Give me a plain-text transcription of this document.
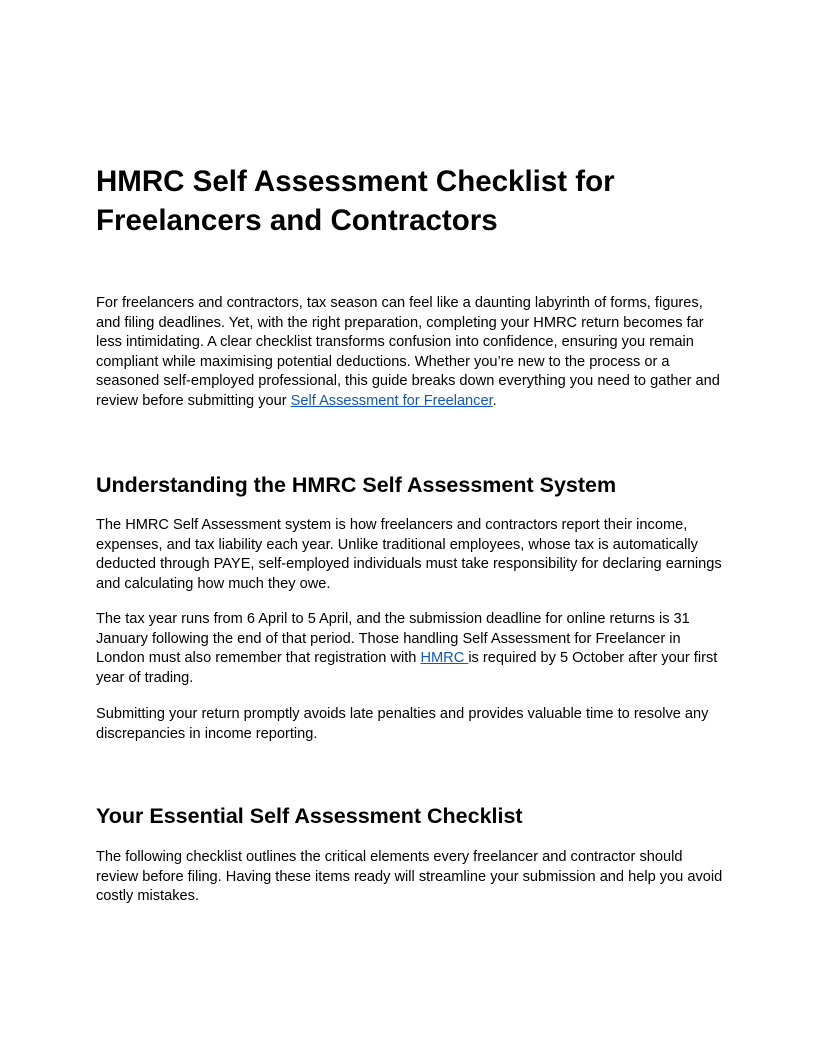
HMRC Self Assessment Checklist for Freelancers and Contractors

For freelancers and contractors, tax season can feel like a daunting labyrinth of forms, figures, and filing deadlines. Yet, with the right preparation, completing your HMRC return becomes far less intimidating. A clear checklist transforms confusion into confidence, ensuring you remain compliant while maximising potential deductions. Whether you’re new to the process or a seasoned self-employed professional, this guide breaks down everything you need to gather and review before submitting your Self Assessment for Freelancer.

Understanding the HMRC Self Assessment System

The HMRC Self Assessment system is how freelancers and contractors report their income, expenses, and tax liability each year. Unlike traditional employees, whose tax is automatically deducted through PAYE, self-employed individuals must take responsibility for declaring earnings and calculating how much they owe.

The tax year runs from 6 April to 5 April, and the submission deadline for online returns is 31 January following the end of that period. Those handling Self Assessment for Freelancer in London must also remember that registration with HMRC is required by 5 October after your first year of trading.

Submitting your return promptly avoids late penalties and provides valuable time to resolve any discrepancies in income reporting.

Your Essential Self Assessment Checklist

The following checklist outlines the critical elements every freelancer and contractor should review before filing. Having these items ready will streamline your submission and help you avoid costly mistakes.
